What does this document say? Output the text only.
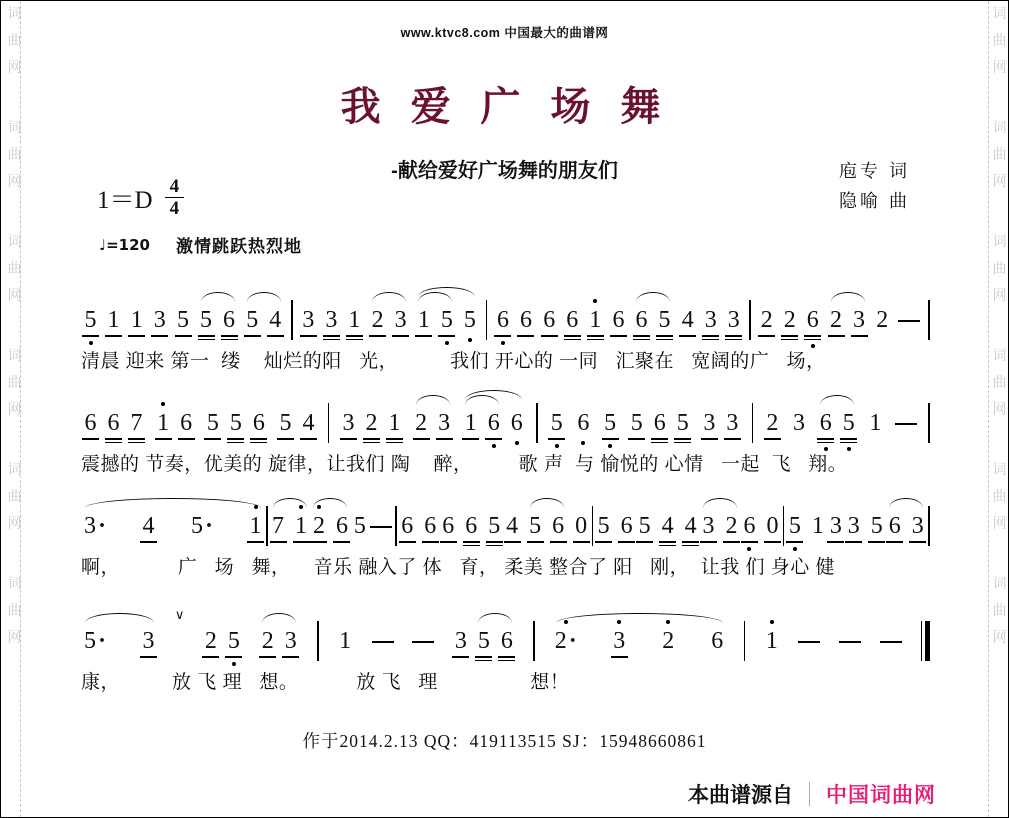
词
曲
网
词
曲
网
词
曲
网
词
曲
网
词
曲
网
词
曲
网
词
曲
网
词
曲
网
词
曲
网
词
曲
网
词
曲
网
词
曲
网
www.ktvc8.com 中国最大的曲谱网
我 爱 广 场 舞
-献给爱好广场舞的朋友们	庖专 词
隐喻 曲
$1=D \frac{4}{4}$
♩=120 激情跳跃热烈地
5 1 1 3 5 5 6 5 4 3 3 1 2 3 1 5 5 6 6 6 6 1 6 6 5 4 3 3 2 2 6 2 3 2
清晨 迎来 第一  缕    灿烂的阳   光，         我们 开心的 一同   汇聚在   宽阔的广   场，
6 6 7 1 6 5 5 6 5 4 3 2 1 2 3 1 6 6 5 6 5 5 6 5 3 3 2 3 6 5 1
震撼的 节奏，优美的 旋律，让我们 陶    醉，        歌 声  与 愉悦的 心情   一起  飞   翔。
3· 4 5· 1 7 1 2 6 5 6 6 6 6 5 4 5 6 0 5 6 5 4 4 3 2 6 0 5 1 3 3 5 6 3
啊，          广   场   舞，    音乐 融入了 体   育， 柔美 整合了 阳   刚，  让我 们 身心 健
5· 3
∨
2 5 2 3 1	3 5 6 2· 3 2 6 1
康，         放 飞 理   想。          放 飞   理                想！
作于2014.2.13 QQ：419113515 SJ：15948660861
本曲谱源自 中国词曲网
